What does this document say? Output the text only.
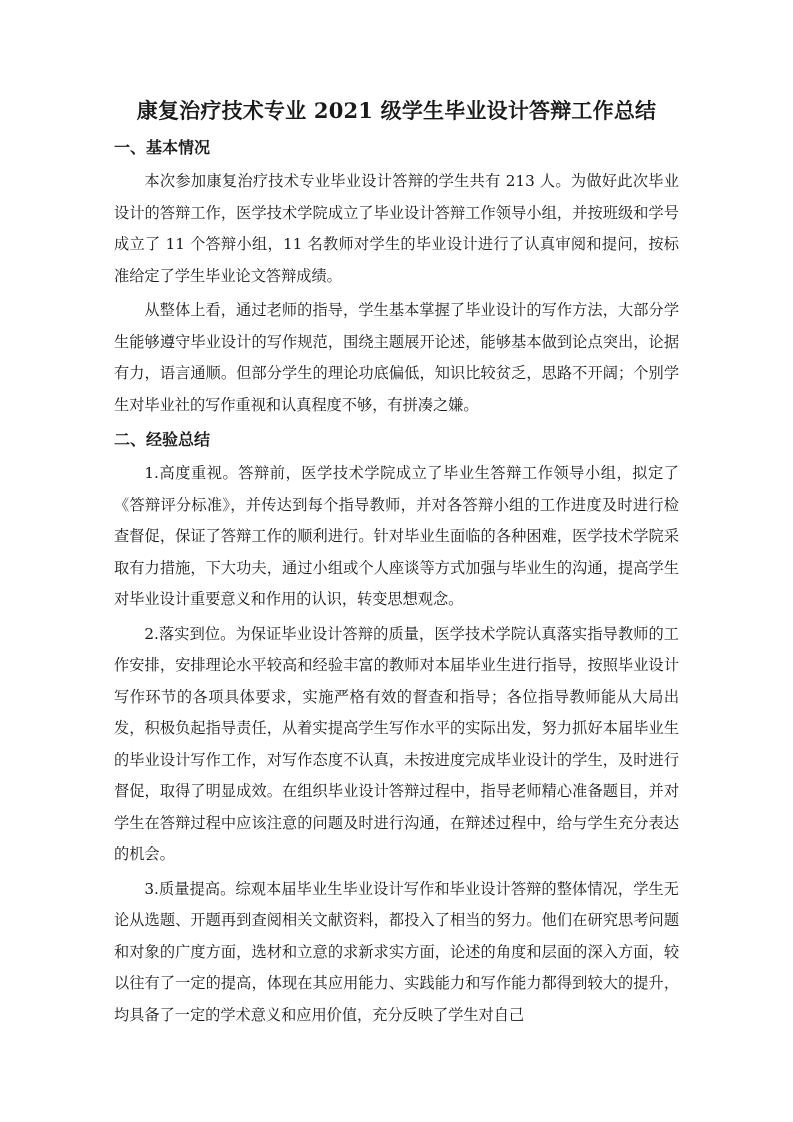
康复治疗技术专业 2021 级学生毕业设计答辩工作总结
一、基本情况

本次参加康复治疗技术专业毕业设计答辩的学生共有 213 人。为做好此次毕业设计的答辩工作，医学技术学院成立了毕业设计答辩工作领导小组，并按班级和学号成立了 11 个答辩小组，11 名教师对学生的毕业设计进行了认真审阅和提问，按标准给定了学生毕业论文答辩成绩。

从整体上看，通过老师的指导，学生基本掌握了毕业设计的写作方法，大部分学生能够遵守毕业设计的写作规范，围绕主题展开论述，能够基本做到论点突出，论据有力，语言通顺。但部分学生的理论功底偏低，知识比较贫乏，思路不开阔；个别学生对毕业社的写作重视和认真程度不够，有拼凑之嫌。

二、经验总结

1.高度重视。答辩前，医学技术学院成立了毕业生答辩工作领导小组，拟定了《答辩评分标准》，并传达到每个指导教师，并对各答辩小组的工作进度及时进行检查督促，保证了答辩工作的顺利进行。针对毕业生面临的各种困难，医学技术学院采取有力措施，下大功夫，通过小组或个人座谈等方式加强与毕业生的沟通，提高学生对毕业设计重要意义和作用的认识，转变思想观念。

2.落实到位。为保证毕业设计答辩的质量，医学技术学院认真落实指导教师的工作安排，安排理论水平较高和经验丰富的教师对本届毕业生进行指导，按照毕业设计写作环节的各项具体要求，实施严格有效的督查和指导；各位指导教师能从大局出发，积极负起指导责任，从着实提高学生写作水平的实际出发，努力抓好本届毕业生的毕业设计写作工作，对写作态度不认真，未按进度完成毕业设计的学生，及时进行督促，取得了明显成效。在组织毕业设计答辩过程中，指导老师精心准备题目，并对学生在答辩过程中应该注意的问题及时进行沟通，在辩述过程中，给与学生充分表达的机会。

3.质量提高。综观本届毕业生毕业设计写作和毕业设计答辩的整体情况，学生无论从选题、开题再到查阅相关文献资料，都投入了相当的努力。他们在研究思考问题和对象的广度方面，选材和立意的求新求实方面，论述的角度和层面的深入方面，较以往有了一定的提高，体现在其应用能力、实践能力和写作能力都得到较大的提升，均具备了一定的学术意义和应用价值，充分反映了学生对自己
